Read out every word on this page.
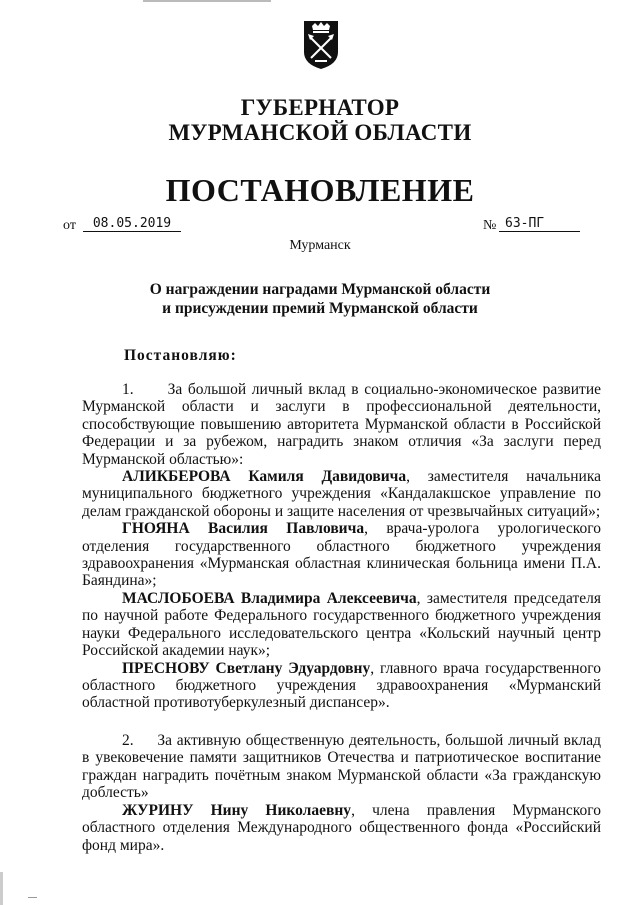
ГУБЕРНАТОР
МУРМАНСКОЙ ОБЛАСТИ
ПОСТАНОВЛЕНИЕ
от	08.05.2019	№ 63-ПГ
Мурманск
О награждении наградами Мурманской области
и присуждении премий Мурманской области
Постановляю:
1.      За большой личный вклад в социально-экономическое развитие Мурманской области и заслуги в профессиональной деятельности, способствующие повышению авторитета Мурманской области в Российской Федерации и за рубежом, наградить знаком отличия «За заслуги перед Мурманской областью»:
АЛИКБЕРОВА Камиля Давидовича, заместителя начальника муниципального бюджетного учреждения «Кандалакшское управление по делам гражданской обороны и защите населения от чрезвычайных ситуаций»;
ГНОЯНА Василия Павловича, врача-уролога урологического отделения государственного областного бюджетного учреждения здравоохранения «Мурманская областная клиническая больница имени П.А. Баяндина»;
МАСЛОБОЕВА Владимира Алексеевича, заместителя председателя по научной работе Федерального государственного бюджетного учреждения науки Федерального исследовательского центра «Кольский научный центр Российской академии наук»;
ПРЕСНОВУ Светлану Эдуардовну, главного врача государственного областного бюджетного учреждения здравоохранения «Мурманский областной противотуберкулезный диспансер».
2.     За активную общественную деятельность, большой личный вклад в увековечение памяти защитников Отечества и патриотическое воспитание граждан наградить почётным знаком Мурманской области «За гражданскую доблесть»
ЖУРИНУ Нину Николаевну, члена правления Мурманского областного отделения Международного общественного фонда «Российский фонд мира».
